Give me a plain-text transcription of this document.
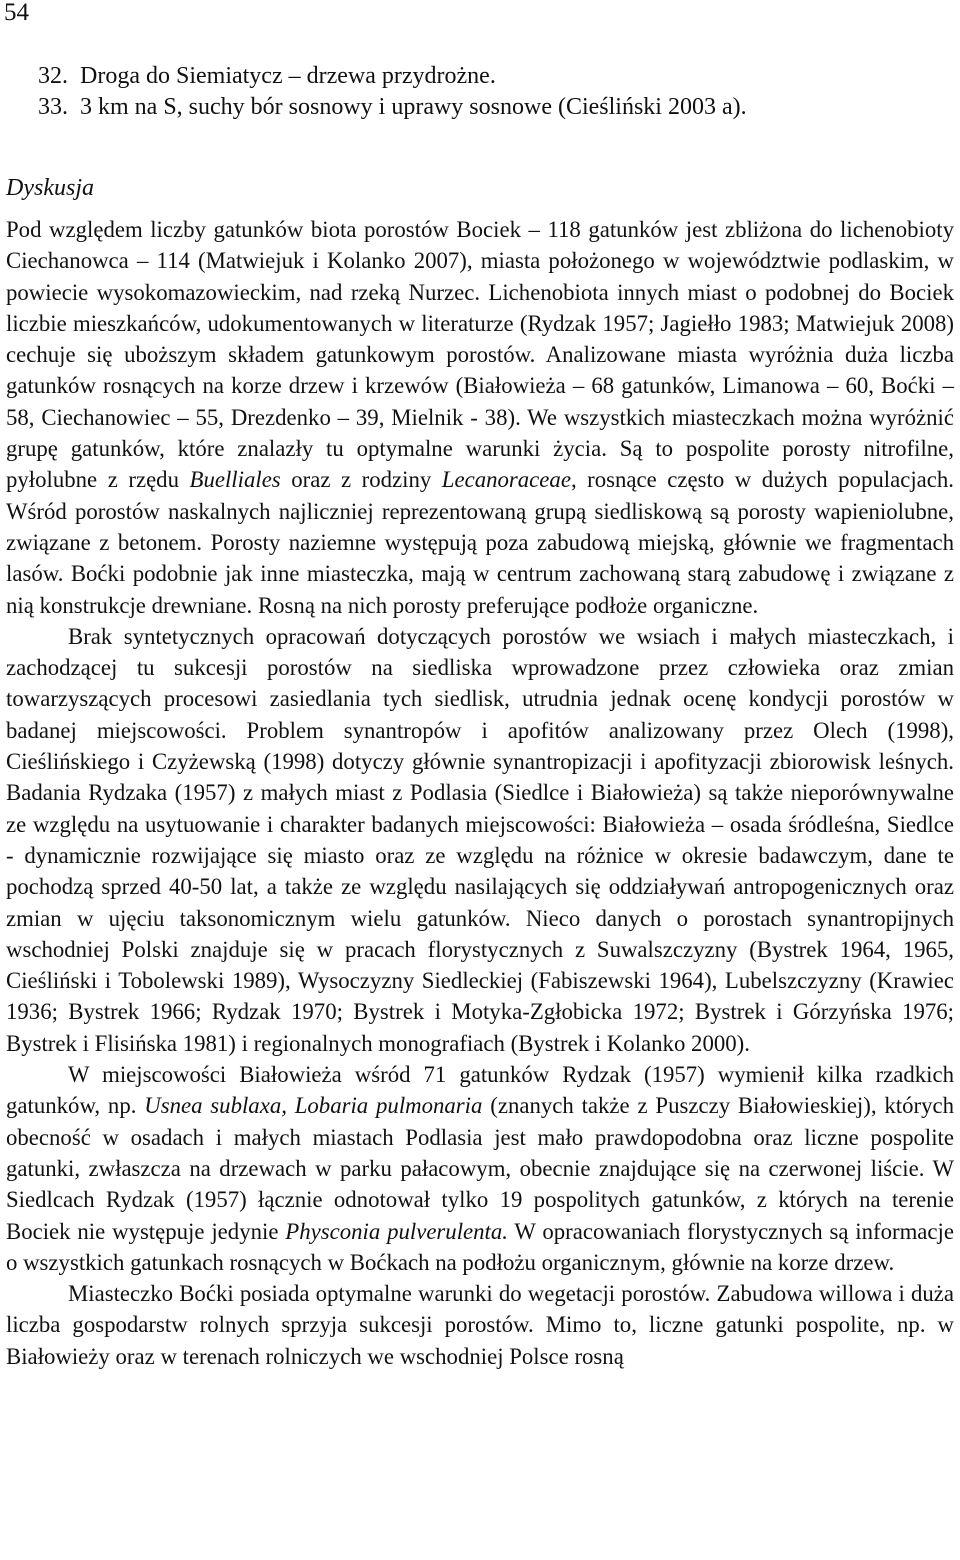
54
32. Droga do Siemiatycz – drzewa przydrożne.
33. 3 km na S, suchy bór sosnowy i uprawy sosnowe (Cieśliński 2003 a).
Dyskusja

Pod względem liczby gatunków biota porostów Bociek – 118 gatunków jest zbliżona do lichenobioty Ciechanowca – 114 (Matwiejuk i Kolanko 2007), miasta położonego w województwie podlaskim, w powiecie wysokomazowieckim, nad rzeką Nurzec. Lichenobiota innych miast o podobnej do Bociek liczbie mieszkańców, udokumentowanych w literaturze (Rydzak 1957; Jagiełło 1983; Matwiejuk 2008) cechuje się uboższym składem gatunkowym porostów. Analizowane miasta wyróżnia duża liczba gatunków rosnących na korze drzew i krzewów (Białowieża – 68 gatunków, Limanowa – 60, Boćki – 58, Ciechanowiec – 55, Drezdenko – 39, Mielnik - 38). We wszystkich miasteczkach można wyróżnić grupę gatunków, które znalazły tu optymalne warunki życia. Są to pospolite porosty nitrofilne, pyłolubne z rzędu Buelliales oraz z rodziny Lecanoraceae, rosnące często w dużych populacjach. Wśród porostów naskalnych najliczniej reprezentowaną grupą siedliskową są porosty wapieniolubne, związane z betonem. Porosty naziemne występują poza zabudową miejską, głównie we fragmentach lasów. Boćki podobnie jak inne miasteczka, mają w centrum zachowaną starą zabudowę i związane z nią konstrukcje drewniane. Rosną na nich porosty preferujące podłoże organiczne.

Brak syntetycznych opracowań dotyczących porostów we wsiach i małych miasteczkach, i zachodzącej tu sukcesji porostów na siedliska wprowadzone przez człowieka oraz zmian towarzyszących procesowi zasiedlania tych siedlisk, utrudnia jednak ocenę kondycji porostów w badanej miejscowości. Problem synantropów i apofitów analizowany przez Olech (1998), Cieślińskiego i Czyżewską (1998) dotyczy głównie synantropizacji i apofityzacji zbiorowisk leśnych. Badania Rydzaka (1957) z małych miast z Podlasia (Siedlce i Białowieża) są także nieporównywalne ze względu na usytuowanie i charakter badanych miejscowości: Białowieża – osada śródleśna, Siedlce - dynamicznie rozwijające się miasto oraz ze względu na różnice w okresie badawczym, dane te pochodzą sprzed 40-50 lat, a także ze względu nasilających się oddziaływań antropogenicznych oraz zmian w ujęciu taksonomicznym wielu gatunków. Nieco danych o porostach synantropijnych wschodniej Polski znajduje się w pracach florystycznych z Suwalszczyzny (Bystrek 1964, 1965, Cieśliński i Tobolewski 1989), Wysoczyzny Siedleckiej (Fabiszewski 1964), Lubelszczyzny (Krawiec 1936; Bystrek 1966; Rydzak 1970; Bystrek i Motyka-Zgłobicka 1972; Bystrek i Górzyńska 1976; Bystrek i Flisińska 1981) i regionalnych monografiach (Bystrek i Kolanko 2000).

W miejscowości Białowieża wśród 71 gatunków Rydzak (1957) wymienił kilka rzadkich gatunków, np. Usnea sublaxa, Lobaria pulmonaria (znanych także z Puszczy Białowieskiej), których obecność w osadach i małych miastach Podlasia jest mało prawdopodobna oraz liczne pospolite gatunki, zwłaszcza na drzewach w parku pałacowym, obecnie znajdujące się na czerwonej liście. W Siedlcach Rydzak (1957) łącznie odnotował tylko 19 pospolitych gatunków, z których na terenie Bociek nie występuje jedynie Physconia pulverulenta. W opracowaniach florystycznych są informacje o wszystkich gatunkach rosnących w Boćkach na podłożu organicznym, głównie na korze drzew.

Miasteczko Boćki posiada optymalne warunki do wegetacji porostów. Zabudowa willowa i duża liczba gospodarstw rolnych sprzyja sukcesji porostów. Mimo to, liczne gatunki pospolite, np. w Białowieży oraz w terenach rolniczych we wschodniej Polsce rosną
